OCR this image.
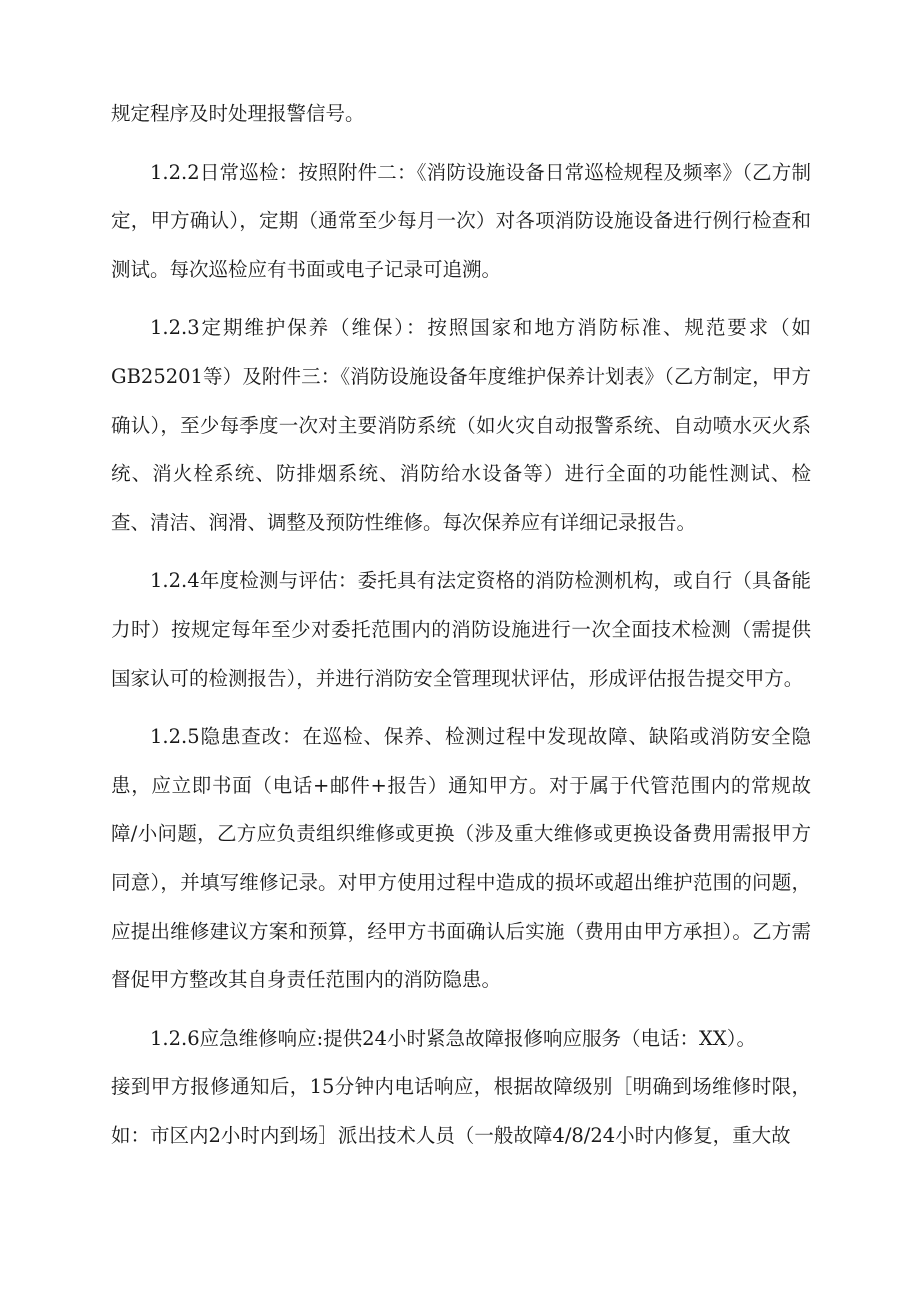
规定程序及时处理报警信号。

1.2.2日常巡检：按照附件二：《消防设施设备日常巡检规程及频率》（乙方制定，甲方确认），定期（通常至少每月一次）对各项消防设施设备进行例行检查和测试。每次巡检应有书面或电子记录可追溯。

1.2.3定期维护保养（维保）：按照国家和地方消防标准、规范要求（如GB25201等）及附件三：《消防设施设备年度维护保养计划表》（乙方制定，甲方确认），至少每季度一次对主要消防系统（如火灾自动报警系统、自动喷水灭火系统、消火栓系统、防排烟系统、消防给水设备等）进行全面的功能性测试、检查、清洁、润滑、调整及预防性维修。每次保养应有详细记录报告。

1.2.4年度检测与评估：委托具有法定资格的消防检测机构，或自行（具备能力时）按规定每年至少对委托范围内的消防设施进行一次全面技术检测（需提供国家认可的检测报告），并进行消防安全管理现状评估，形成评估报告提交甲方。

1.2.5隐患查改：在巡检、保养、检测过程中发现故障、缺陷或消防安全隐患，应立即书面（电话+邮件+报告）通知甲方。对于属于代管范围内的常规故障/小问题，乙方应负责组织维修或更换（涉及重大维修或更换设备费用需报甲方同意），并填写维修记录。对甲方使用过程中造成的损坏或超出维护范围的问题，应提出维修建议方案和预算，经甲方书面确认后实施（费用由甲方承担）。乙方需督促甲方整改其自身责任范围内的消防隐患。

1.2.6应急维修响应:提供24小时紧急故障报修响应服务（电话：XX）。

接到甲方报修通知后，15分钟内电话响应，根据故障级别［明确到场维修时限，如：市区内2小时内到场］派出技术人员（一般故障4/8/24小时内修复，重大故
